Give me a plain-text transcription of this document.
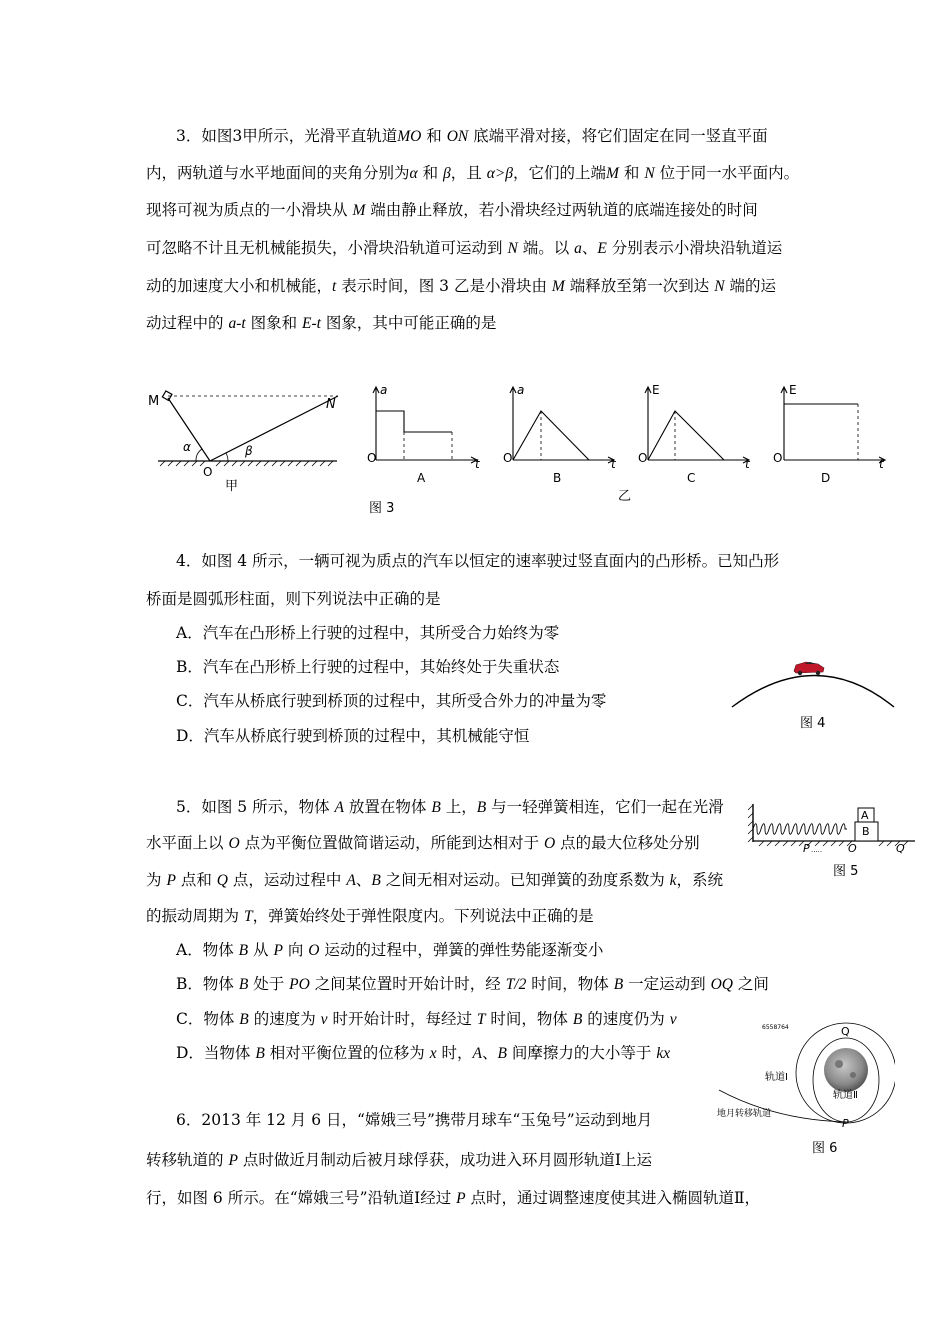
3．如图3甲所示，光滑平直轨道MO 和 ON 底端平滑对接，将它们固定在同一竖直平面
内，两轨道与水平地面间的夹角分别为α 和 β，且 α>β，它们的上端M 和 N 位于同一水平面内。
现将可视为质点的一小滑块从 M 端由静止释放，若小滑块经过两轨道的底端连接处的时间
可忽略不计且无机械能损失，小滑块沿轨道可运动到 N 端。以 a、E 分别表示小滑块沿轨道运
动的加速度大小和机械能，t 表示时间，图 3 乙是小滑块由 M 端释放至第一次到达 N 端的运
动过程中的 a-t 图象和 E-t 图象，其中可能正确的是
M	N
O
α	β
甲
a
O	t
A
a
O	t
B
E
O	t
C
E
O	t
D
乙
图 3
4．如图 4 所示，一辆可视为质点的汽车以恒定的速率驶过竖直面内的凸形桥。已知凸形
桥面是圆弧形柱面，则下列说法中正确的是
A．汽车在凸形桥上行驶的过程中，其所受合力始终为零
B．汽车在凸形桥上行驶的过程中，其始终处于失重状态
C．汽车从桥底行驶到桥顶的过程中，其所受合外力的冲量为零
D．汽车从桥底行驶到桥顶的过程中，其机械能守恒
图 4
5．如图 5 所示，物体 A 放置在物体 B 上，B 与一轻弹簧相连，它们一起在光滑
水平面上以 O 点为平衡位置做简谐运动，所能到达相对于 O 点的最大位移处分别
为 P 点和 Q 点，运动过程中 A、B 之间无相对运动。已知弹簧的劲度系数为 k，系统
的振动周期为 T，弹簧始终处于弹性限度内。下列说法中正确的是
A．物体 B 从 P 向 O 运动的过程中，弹簧的弹性势能逐渐变小
B．物体 B 处于 PO 之间某位置时开始计时，经 T/2 时间，物体 B 一定运动到 OQ 之间
C．物体 B 的速度为 v 时开始计时，每经过 T 时间，物体 B 的速度仍为 v
D．当物体 B 相对平衡位置的位移为 x 时，A、B 间摩擦力的大小等于 kx
A
B
P ..... O	Q
图 5
6558764	Q
P
轨道Ⅰ
轨道Ⅱ
地月转移轨道
图 6
6．2013 年 12 月 6 日，“嫦娥三号”携带月球车“玉兔号”运动到地月
转移轨道的 P 点时做近月制动后被月球俘获，成功进入环月圆形轨道Ⅰ上运
行，如图 6 所示。在“嫦娥三号”沿轨道Ⅰ经过 P 点时，通过调整速度使其进入椭圆轨道Ⅱ，
